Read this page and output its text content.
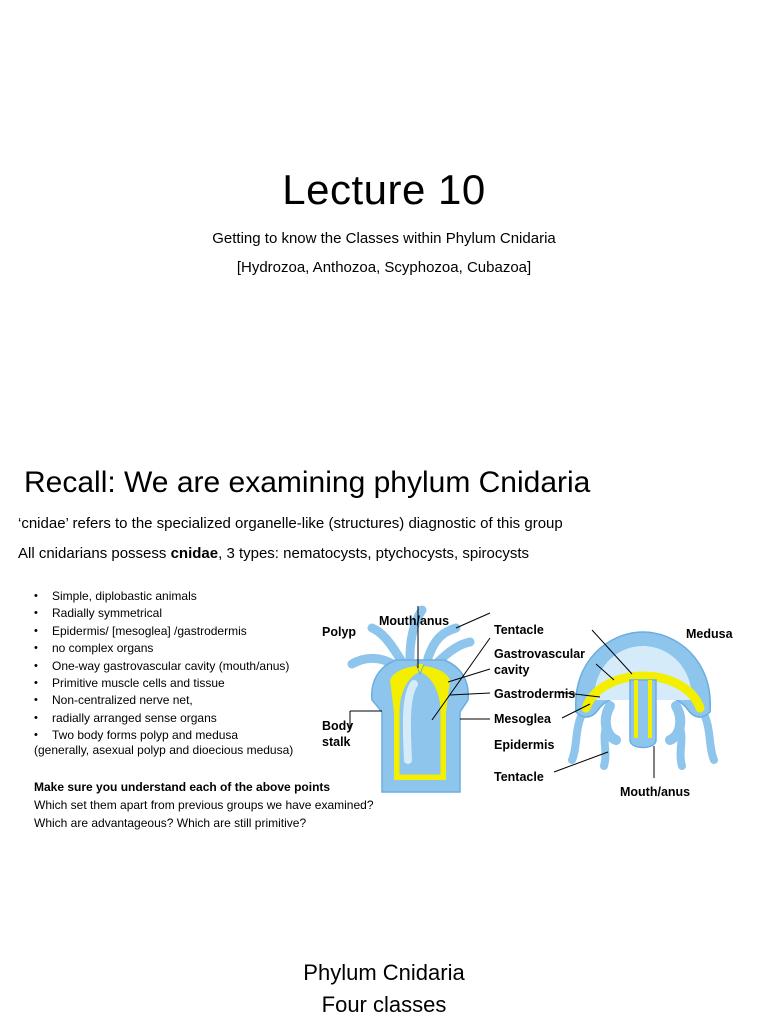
Lecture 10
Getting to know the Classes within Phylum Cnidaria
[Hydrozoa, Anthozoa, Scyphozoa, Cubazoa]
Recall: We are examining phylum Cnidaria
‘cnidae’ refers to the specialized organelle-like (structures) diagnostic of this group
All cnidarians possess cnidae, 3 types: nematocysts, ptychocysts, spirocysts
• Simple, diplobastic animals
• Radially symmetrical
• Epidermis/ [mesoglea] /gastrodermis
• no complex organs
• One-way gastrovascular cavity (mouth/anus)
• Primitive muscle cells and tissue
• Non-centralized nerve net,
• radially arranged sense organs
• Two body forms polyp and medusa
(generally, asexual polyp and dioecious medusa)
Make sure you understand each of the above points
Which set them apart from previous groups we have examined?
Which are advantageous? Which are still primitive?
Polyp	Medusa
Mouth/anus
Tentacle
Gastrovascular
cavity
Gastrodermis
Mesoglea
Epidermis
Tentacle
Mouth/anus
Body
stalk
Phylum Cnidaria
Four classes
